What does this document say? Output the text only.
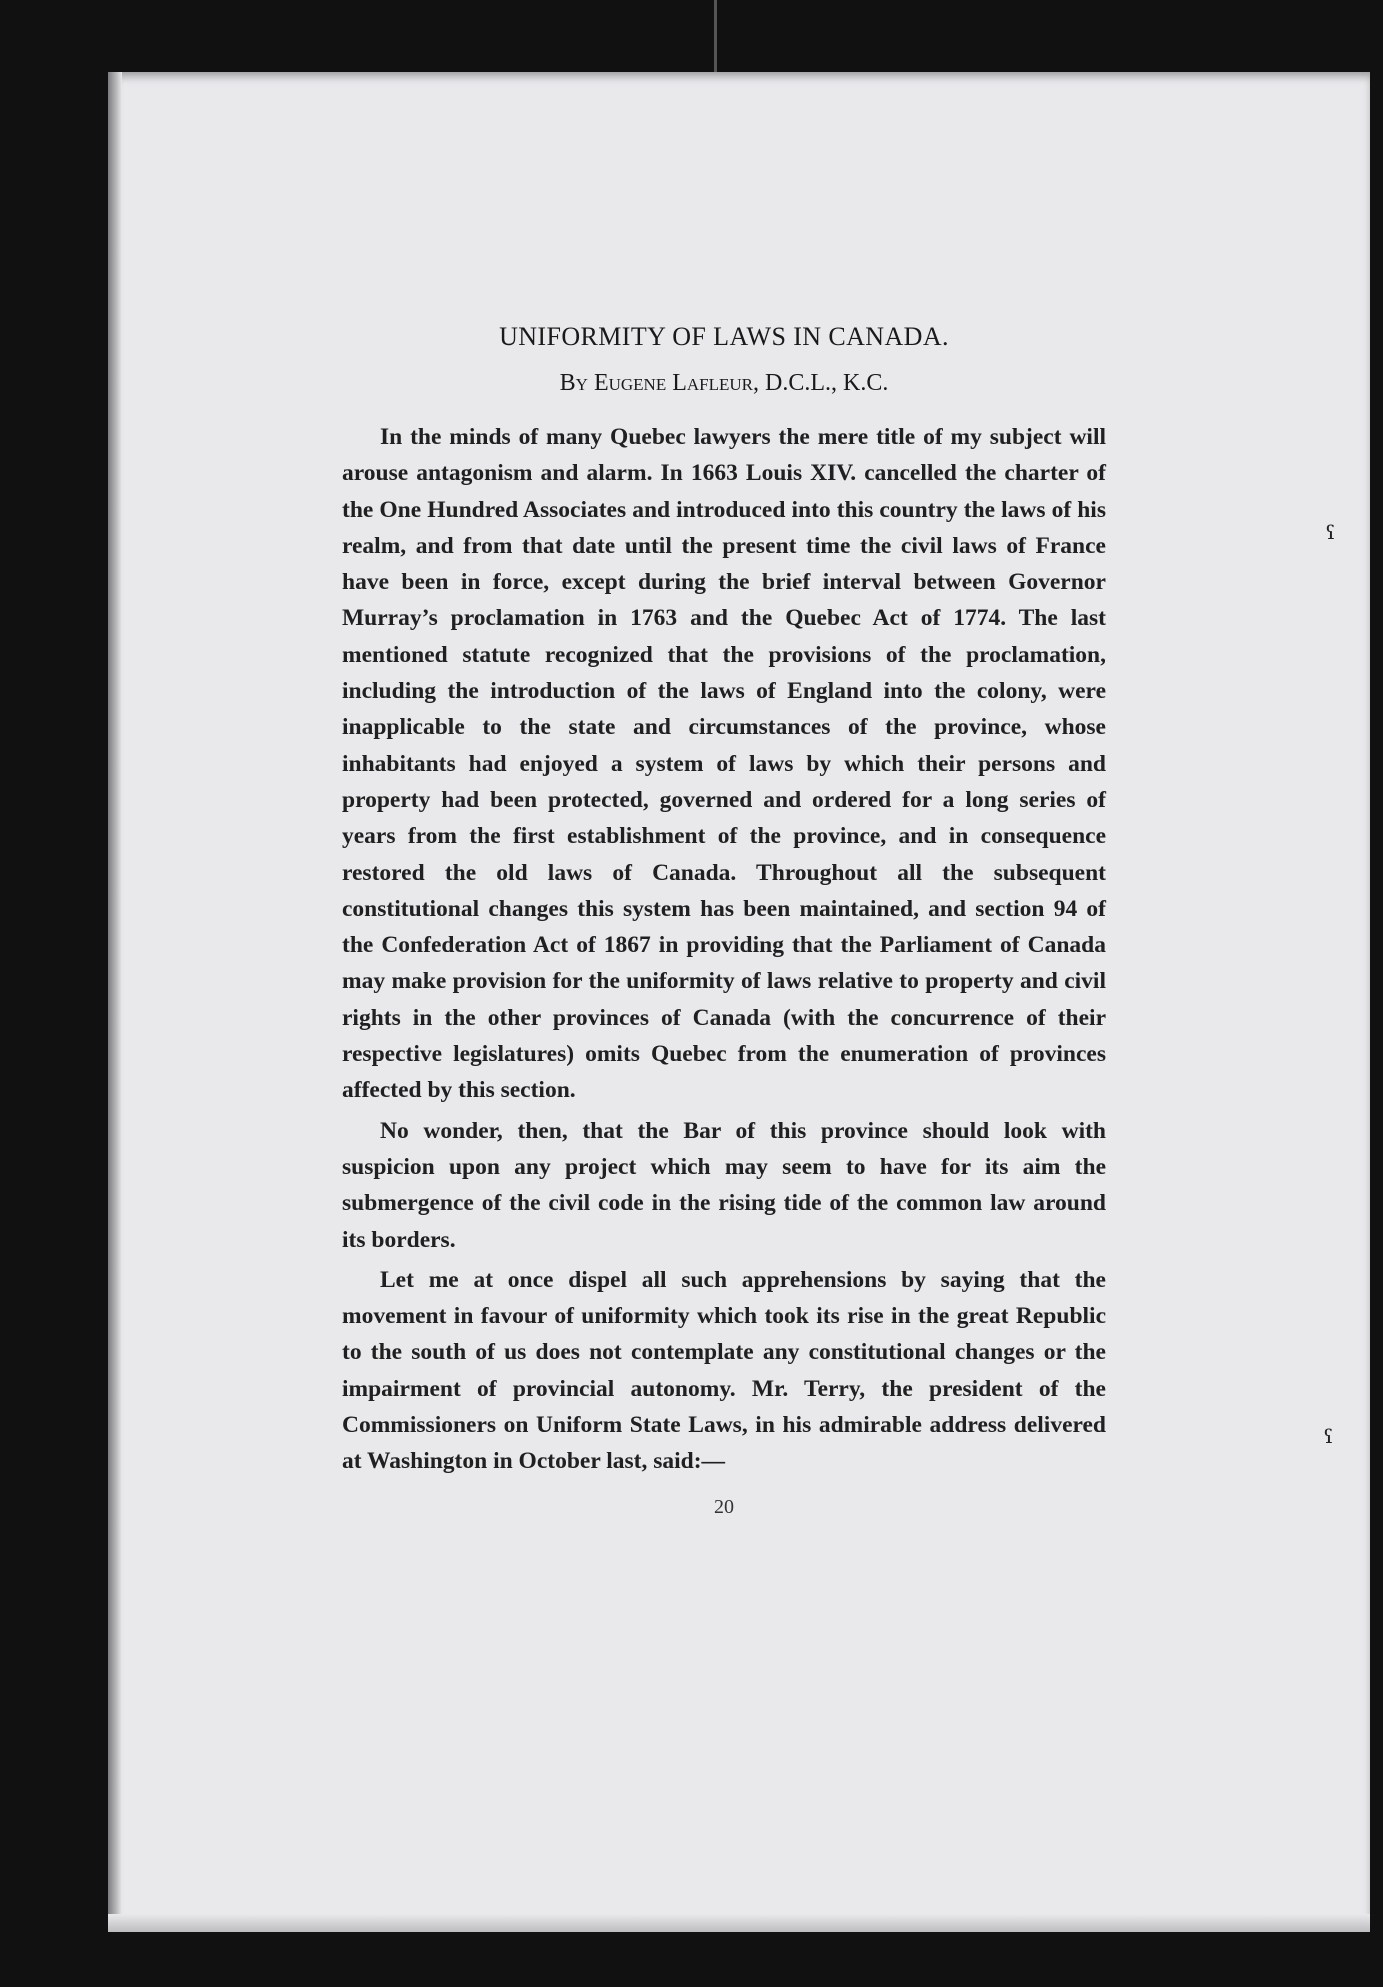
UNIFORMITY OF LAWS IN CANADA.
By Eugene Lafleur, D.C.L., K.C.

In the minds of many Quebec lawyers the mere title of my subject will arouse antagonism and alarm. In 1663 Louis XIV. cancelled the charter of the One Hundred Associates and introduced into this country the laws of his realm, and from that date until the present time the civil laws of France have been in force, except during the brief interval between Governor Murray’s proclamation in 1763 and the Quebec Act of 1774. The last mentioned statute recognized that the provisions of the proclamation, including the introduction of the laws of England into the colony, were inapplicable to the state and circumstances of the province, whose inhabitants had enjoyed a system of laws by which their persons and property had been protected, governed and ordered for a long series of years from the first establishment of the province, and in consequence restored the old laws of Canada. Throughout all the subsequent constitutional changes this system has been maintained, and section 94 of the Confederation Act of 1867 in providing that the Parliament of Canada may make provision for the uniformity of laws relative to property and civil rights in the other provinces of Canada (with the concurrence of their respective legislatures) omits Quebec from the enumeration of provinces affected by this section.

No wonder, then, that the Bar of this province should look with suspicion upon any project which may seem to have for its aim the submergence of the civil code in the rising tide of the common law around its borders.

Let me at once dispel all such apprehensions by saying that the movement in favour of uniformity which took its rise in the great Republic to the south of us does not contemplate any constitutional changes or the impairment of provincial autonomy. Mr. Terry, the president of the Commissioners on Uniform State Laws, in his admirable address delivered at Washington in October last, said:—

20
ˤ
ˤ
